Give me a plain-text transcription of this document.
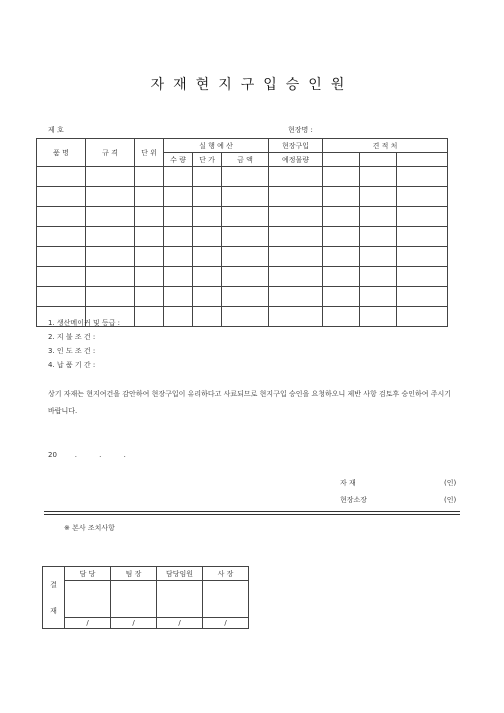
자재현지구입승인원
제 호	현장명 :
품 명	규 격	단 위	실 행 예 산			현장구입	견 적 처		
			수 량	단 가	금 액	예정물량			

1. 생산메이커 및 등급 :
2. 지 불 조 건 :
3. 인 도 조 건 :
4. 납 품 기 간 :
상기 자재는 현지여건을 감안하여 현장구입이 유리하다고 사료되므로 현지구입 승인을 요청하오니 제반 사항 검토후 승인하여 주시기 바랍니다.
20        .          .          .
자 재	(인)
현장소장	(인)
※ 본사 조치사항
결
재	담 당	팀 장	담당임원	사 장

	/	/	/	/
